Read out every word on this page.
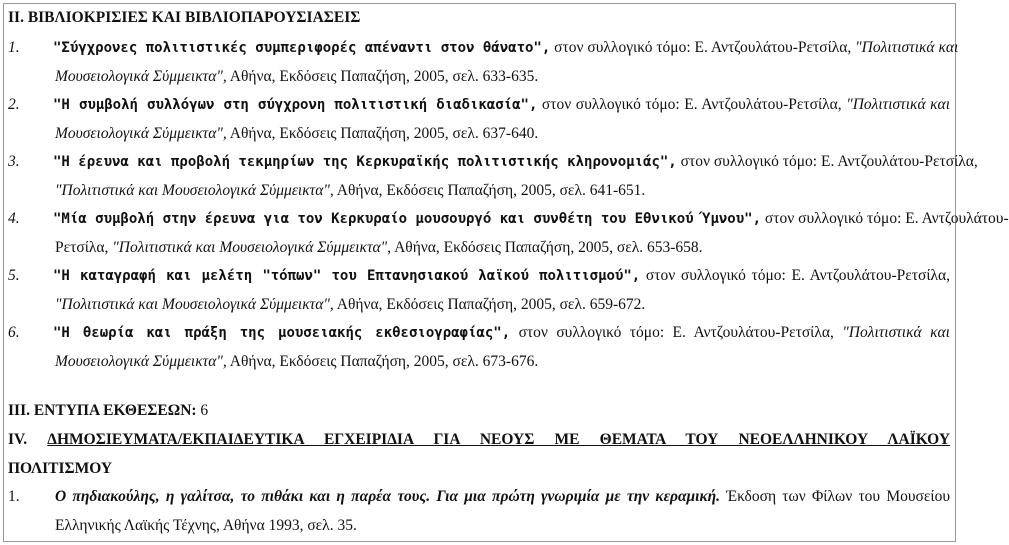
ΙΙ. ΒΙΒΛΙΟΚΡΙΣΙΕΣ ΚΑΙ ΒΙΒΛΙΟΠΑΡΟΥΣΙΑΣΕΙΣ
1. "Σύγχρονες πολιτιστικές συμπεριφορές απέναντι στον θάνατο", στον συλλογικό τόμο: Ε. Αντζουλάτου-Ρετσίλα, "Πολιτιστικά και
Μουσειολογικά Σύμμεικτα", Αθήνα, Εκδόσεις Παπαζήση, 2005, σελ. 633-635.
2. "Η συμβολή συλλόγων στη σύγχρονη πολιτιστική διαδικασία", στον συλλογικό τόμο: Ε. Αντζουλάτου-Ρετσίλα, "Πολιτιστικά και
Μουσειολογικά Σύμμεικτα", Αθήνα, Εκδόσεις Παπαζήση, 2005, σελ. 637-640.
3. "Η έρευνα και προβολή τεκμηρίων της Κερκυραϊκής πολιτιστικής κληρονομιάς", στον συλλογικό τόμο: Ε. Αντζουλάτου-Ρετσίλα,
"Πολιτιστικά και Μουσειολογικά Σύμμεικτα", Αθήνα, Εκδόσεις Παπαζήση, 2005, σελ. 641-651.
4. "Μία συμβολή στην έρευνα για τον Κερκυραίο μουσουργό και συνθέτη του Εθνικού Ύμνου", στον συλλογικό τόμο: Ε. Αντζουλάτου-
Ρετσίλα, "Πολιτιστικά και Μουσειολογικά Σύμμεικτα", Αθήνα, Εκδόσεις Παπαζήση, 2005, σελ. 653-658.
5. "Η καταγραφή και μελέτη "τόπων" του Επτανησιακού λαϊκού πολιτισμού", στον συλλογικό τόμο: Ε. Αντζουλάτου-Ρετσίλα,
"Πολιτιστικά και Μουσειολογικά Σύμμεικτα", Αθήνα, Εκδόσεις Παπαζήση, 2005, σελ. 659-672.
6. "Η θεωρία και πράξη της μουσειακής εκθεσιογραφίας", στον συλλογικό τόμο: Ε. Αντζουλάτου-Ρετσίλα, "Πολιτιστικά και
Μουσειολογικά Σύμμεικτα", Αθήνα, Εκδόσεις Παπαζήση, 2005, σελ. 673-676.
ΙΙΙ. ΕΝΤΥΠΑ ΕΚΘΕΣΕΩΝ: 6
ΙV. ΔΗΜΟΣΙΕΥΜΑΤΑ/ΕΚΠΑΙΔΕΥΤΙΚΑ ΕΓΧΕΙΡΙΔΙΑ ΓΙΑ ΝΕΟΥΣ ΜΕ ΘΕΜΑΤΑ ΤΟΥ ΝΕΟΕΛΛΗΝΙΚΟΥ ΛΑΪΚΟΥ
ΠΟΛΙΤΙΣΜΟΥ
1. Ο πηδιακούλης, η γαλίτσα, το πιθάκι και η παρέα τους. Για μια πρώτη γνωριμία με την κεραμική. Έκδοση των Φίλων του Μουσείου
Ελληνικής Λαϊκής Τέχνης, Αθήνα 1993, σελ. 35.
